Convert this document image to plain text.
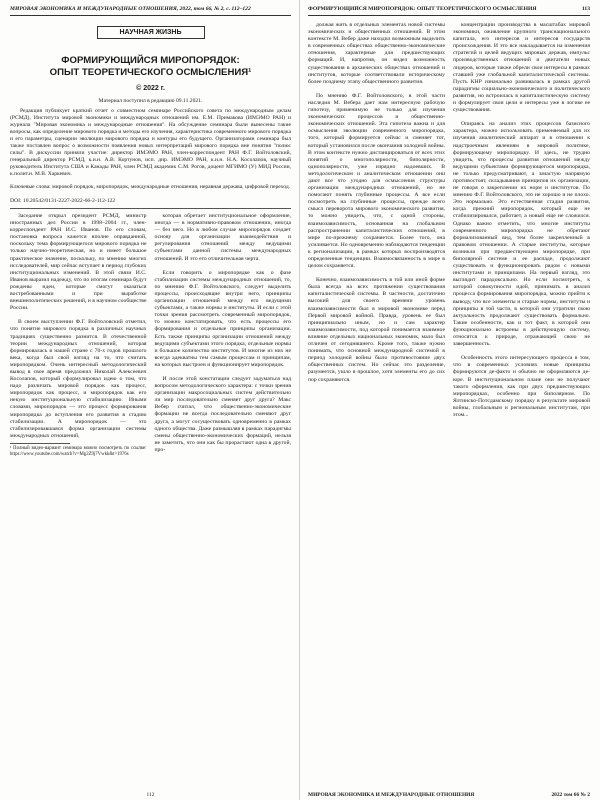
МИРОВАЯ ЭКОНОМИКА И МЕЖДУНАРОДНЫЕ ОТНОШЕНИЯ, 2022, том 66, № 2, с. 112–122
НАУЧНАЯ ЖИЗНЬ
ФОРМИРУЮЩИЙСЯ МИРОПОРЯДОК:
ОПЫТ ТЕОРЕТИЧЕСКОГО ОСМЫСЛЕНИЯ¹
© 2022 г.
Материал поступил в редакцию 09.11.2021.
Редакция публикует краткий отчет о совместном семинаре Российского совета по международным делам (РСМД), Института мировой экономики и международных отношений им. Е.М. Примакова (ИМЭМО РАН) и журнала "Мировая экономика и международные отношения". На обсуждение семинара были вынесены такие вопросы, как определение мирового порядка и методы его изучения, характеристика современного мирового порядка и его параметры, сценарии эволюции мирового порядка и контуры его будущего. Организаторами семинара был также поставлен вопрос о возможности появления новых интерпретаций мирового порядка вне понятия "полюс силы". В дискуссии приняли участие: директор ИМЭМО РАН, член-корреспондент РАН Ф.Г. Войтоловский, генеральный директор РСМД, к.и.н. А.В. Кортунов, исп. дир. ИМЭМО РАН, к.и.н. Н.А. Косолапов, научный руководитель Института США и Канады РАН, член РСМД академик С.М. Рогов, доцент МГИМО (У) МИД России, к.полит.н. М.В. Харкевич.
Ключевые слова: мировой порядок, миропорядок, международные отношения, неравная держава, цифровой переход.
DOI: 10.20542/0131-2227-2022-66-2-112-122

Заседание открыл президент РСМД, министр иностранных дел России в 1998–2004 гг., член-корреспондент РАН И.С. Иванов. По его словам, постановка вопроса кажется вполне оправданной, поскольку тема формирующегося мирового порядка не только научно-теоретическая, но и имеет большое практическое значение, поскольку, по мнению многих исследователей, мир сейчас вступает в период глубоких институциональных изменений. В этой связи И.С. Иванов выразил надежду, что по итогам семинара будут рождены идеи, которые смогут оказаться востребованными и при выработке внешнеполитических решений, и в научном сообществе России.

В своем выступлении Ф.Г. Войтоловский отметил, что понятие мирового порядка в различных научных традициях существенно разнится. В отечественной теории международных отношений, которая формировалась в нашей стране с 70-х годов прошлого века, когда был свой взгляд на то, что считать миропорядком. Очень интересный методологический вывод в свое время предложил Николай Алексеевич Косолапов, который сформулировал идею о том, что надо различать мировой порядок как процесс, миропорядок как процесс, и миропорядок как его некую институциональную стабилизацию. Иными словами, миропорядок — это процесс формирования миропорядка до вступления его развития в стадию стабилизации. А миропорядок — это стабилизировавшаяся форма организации системы международных отношений,

¹ Полный видео-вариант семинара можно посмотреть по ссылке: https://www.youtube.com/watch?v=Mg2Z9j7Vwkk&t=1976s

которая обретает институциональное оформление, иногда — в нормативно-правовом отношении, иногда — без него. Но в любом случае миропорядок создает основу для организации взаимодействия и регулирования отношений между ведущими субъектами данной системы международных отношений. И это его отличительная черта.

Если говорить о миропорядке как о фазе стабилизации системы международных отношений, то, по мнению Ф.Г. Войтоловского, следует выделить процессы, происходящие внутри него, принципы организации отношений между его ведущими субъектами, а также нормы и институты. И если с этой точки зрения рассмотреть современный миропорядок, то можно констатировать, что есть процессы его формирования и отдельные принципы организации. Есть также принципы организации отношений между ведущими субъектами этого порядка, отдельные нормы и большое количество институтов. И многие из них не всегда адекватны тем самым процессам и принципам, на которых выстроен и функционирует миропорядок.

И после этой констатации следует задуматься над вопросом методологического характера: с точки зрения организации макросоциальных систем действительно ли мир последовательно сменяет друг друга? Макс Вебер считал, что общественно-экономические формации не всегда последовательно сменяют друг друга, а могут сосуществовать одновременно в рамках одного общества. Даже размышляя в рамках парадигмы смены общественно-экономических формаций, нельзя не заметить, что они как бы прорастают одна в другой, про-

112
ФОРМИРУЮЩИЙСЯ МИРОПОРЯДОК: ОПЫТ ТЕОРЕТИЧЕСКОГО ОСМЫСЛЕНИЯ	113

должая жить в отдельных элементах новой системы экономических и общественных отношений. В этом контексте М. Вебер даже находил возможным выделить в современных обществах общественно-экономические отношения, характерные для предшествующих формаций. И, напротив, он видел возможность существования в архаических обществах отношений и институтов, которые соответствовали историческому более позднему этапу общественного развития.

По мнению Ф.Г. Войтоловского, в этой части наследия М. Вебера дает нам интересную рабочую гипотезу, применимую не только для изучения экономических процессов и общественно-экономических отношений. Эта гипотеза важна и для осмысления эволюции современного миропорядка, того, который формируется сейчас и сменяет тот, который установился после окончания холодной войны. В этом контексте нужно дистанцироваться от всех этих понятий о многополярности, биполярности, однополярности, уже изрядно надоевших. В методологическом и аналитическом отношении они дают все что угодно для осмысления структуры организации международных отношений, но не помогают понять глубинные процессы. А все если посмотреть на глубинные процессы, прежде всего смысл переворота мирового экономического развития, то можно увидеть, что, с одной стороны, взаимозависимость, основанная на глобальном распространении капиталистических отношений, в мире по-прежнему сохраняется. Более того, она усиливается. Но одновременно наблюдаются тенденции к регионализации, в рамках которых воспроизводятся определенные тенденции. Взаимосвязанность в мире в целом сохраняется.

Конечно, взаимозависимость в той или иной форме была всегда на всех протяжении существования капиталистической системы. В частности, достаточно высокий для своего времени уровень взаимозависимости был в мировой экономике перед Первой мировой войной. Правда, уровень ее был принципиально иным, но и сам характер взаимозависимости, под которой понимается взаимное влияние отдельных национальных экономик, мало был отличен от сегодняшнего. Кроме того, также нужно понимать, что основной международной системой в период холодной войны было противостояние двух общественных систем. Но сейчас это разделение, разумеется, ушло в прошлое, хотя элементы его до сих пор сохраняются.

концентрации производства в масштабах мировой экономики, оживление крупного транснационального капитала, его интересов и интересов государств происхождения. И это все накладывается на изменения стратегий и целей ведущих мировых держав, импульс производственных отношений и двигатели новых лидеров, которые также обрели свои интересы в рамках ставшей уже глобальной капиталистической системы. Пусть КНР изначально развивалась в рамках другой парадигмы социально-экономического и политического развития, но встроилась в капиталистическую систему и формулирует свои цели и интересы уже в логике ее существования.

Опираясь на анализ этих процессов базисного характера, можно использовать применяемый для их изучения аналитический аппарат и в отношении к надстроечным явлениям в мировой политике, формирующему миропорядку. И здесь, не трудно увидеть, что процессы развития отношений между ведущими субъектами формирующегося миропорядка, не только предусматривают, а зачастую напрямую противостоят, складывания принципов их организации, не говоря о закреплении их норм и институтов. По мнению Ф.Г. Войтоловского, это не хорошо и не плохо. Это нормально. Это естественная стадия развития, когда прежний миропорядок, который еще не стабилизировался, работает, а новый еще не сложился. Однако важно отметить, что многие институты современного миропорядка не обретают формализованный вид, тем более закрепленный в правовом отношении. А старые институты, которые возникли при предшествующем миропорядке, при биполярной системе и ее распаде, продолжают существовать и функционировать рядом с новыми институтами и принципами. На первый взгляд, это выглядит парадоксально. Но если посмотреть, к которой совокупности идей, принимать в анализ процесса формирования миропорядка, можно прийти к выводу, что все элементы и старые нормы, институты и принципы в той части, в которой они утратили свою актуальность продолжают существовать формально. Такие особенности, как и тот факт, в которой они функционально встроены в действующую систему, относятся к природе, отражающей свою не завершенность.

Особенность этого интересующего процесса в том, что в современных условиях новые принципы формируются де-факто и обычно не оформляются де-юре. В институциональном плане они не получают такого оформления, как при двух предшествующих миропорядках, особенно при биполярном. По Ялтинско-Потсдамскому порядку в результате мировой войны, глобальным и региональным институтам, при этом...

МИРОВАЯ ЭКОНОМИКА И МЕЖДУНАРОДНЫЕ ОТНОШЕНИЯ	2022 том 66 № 2
